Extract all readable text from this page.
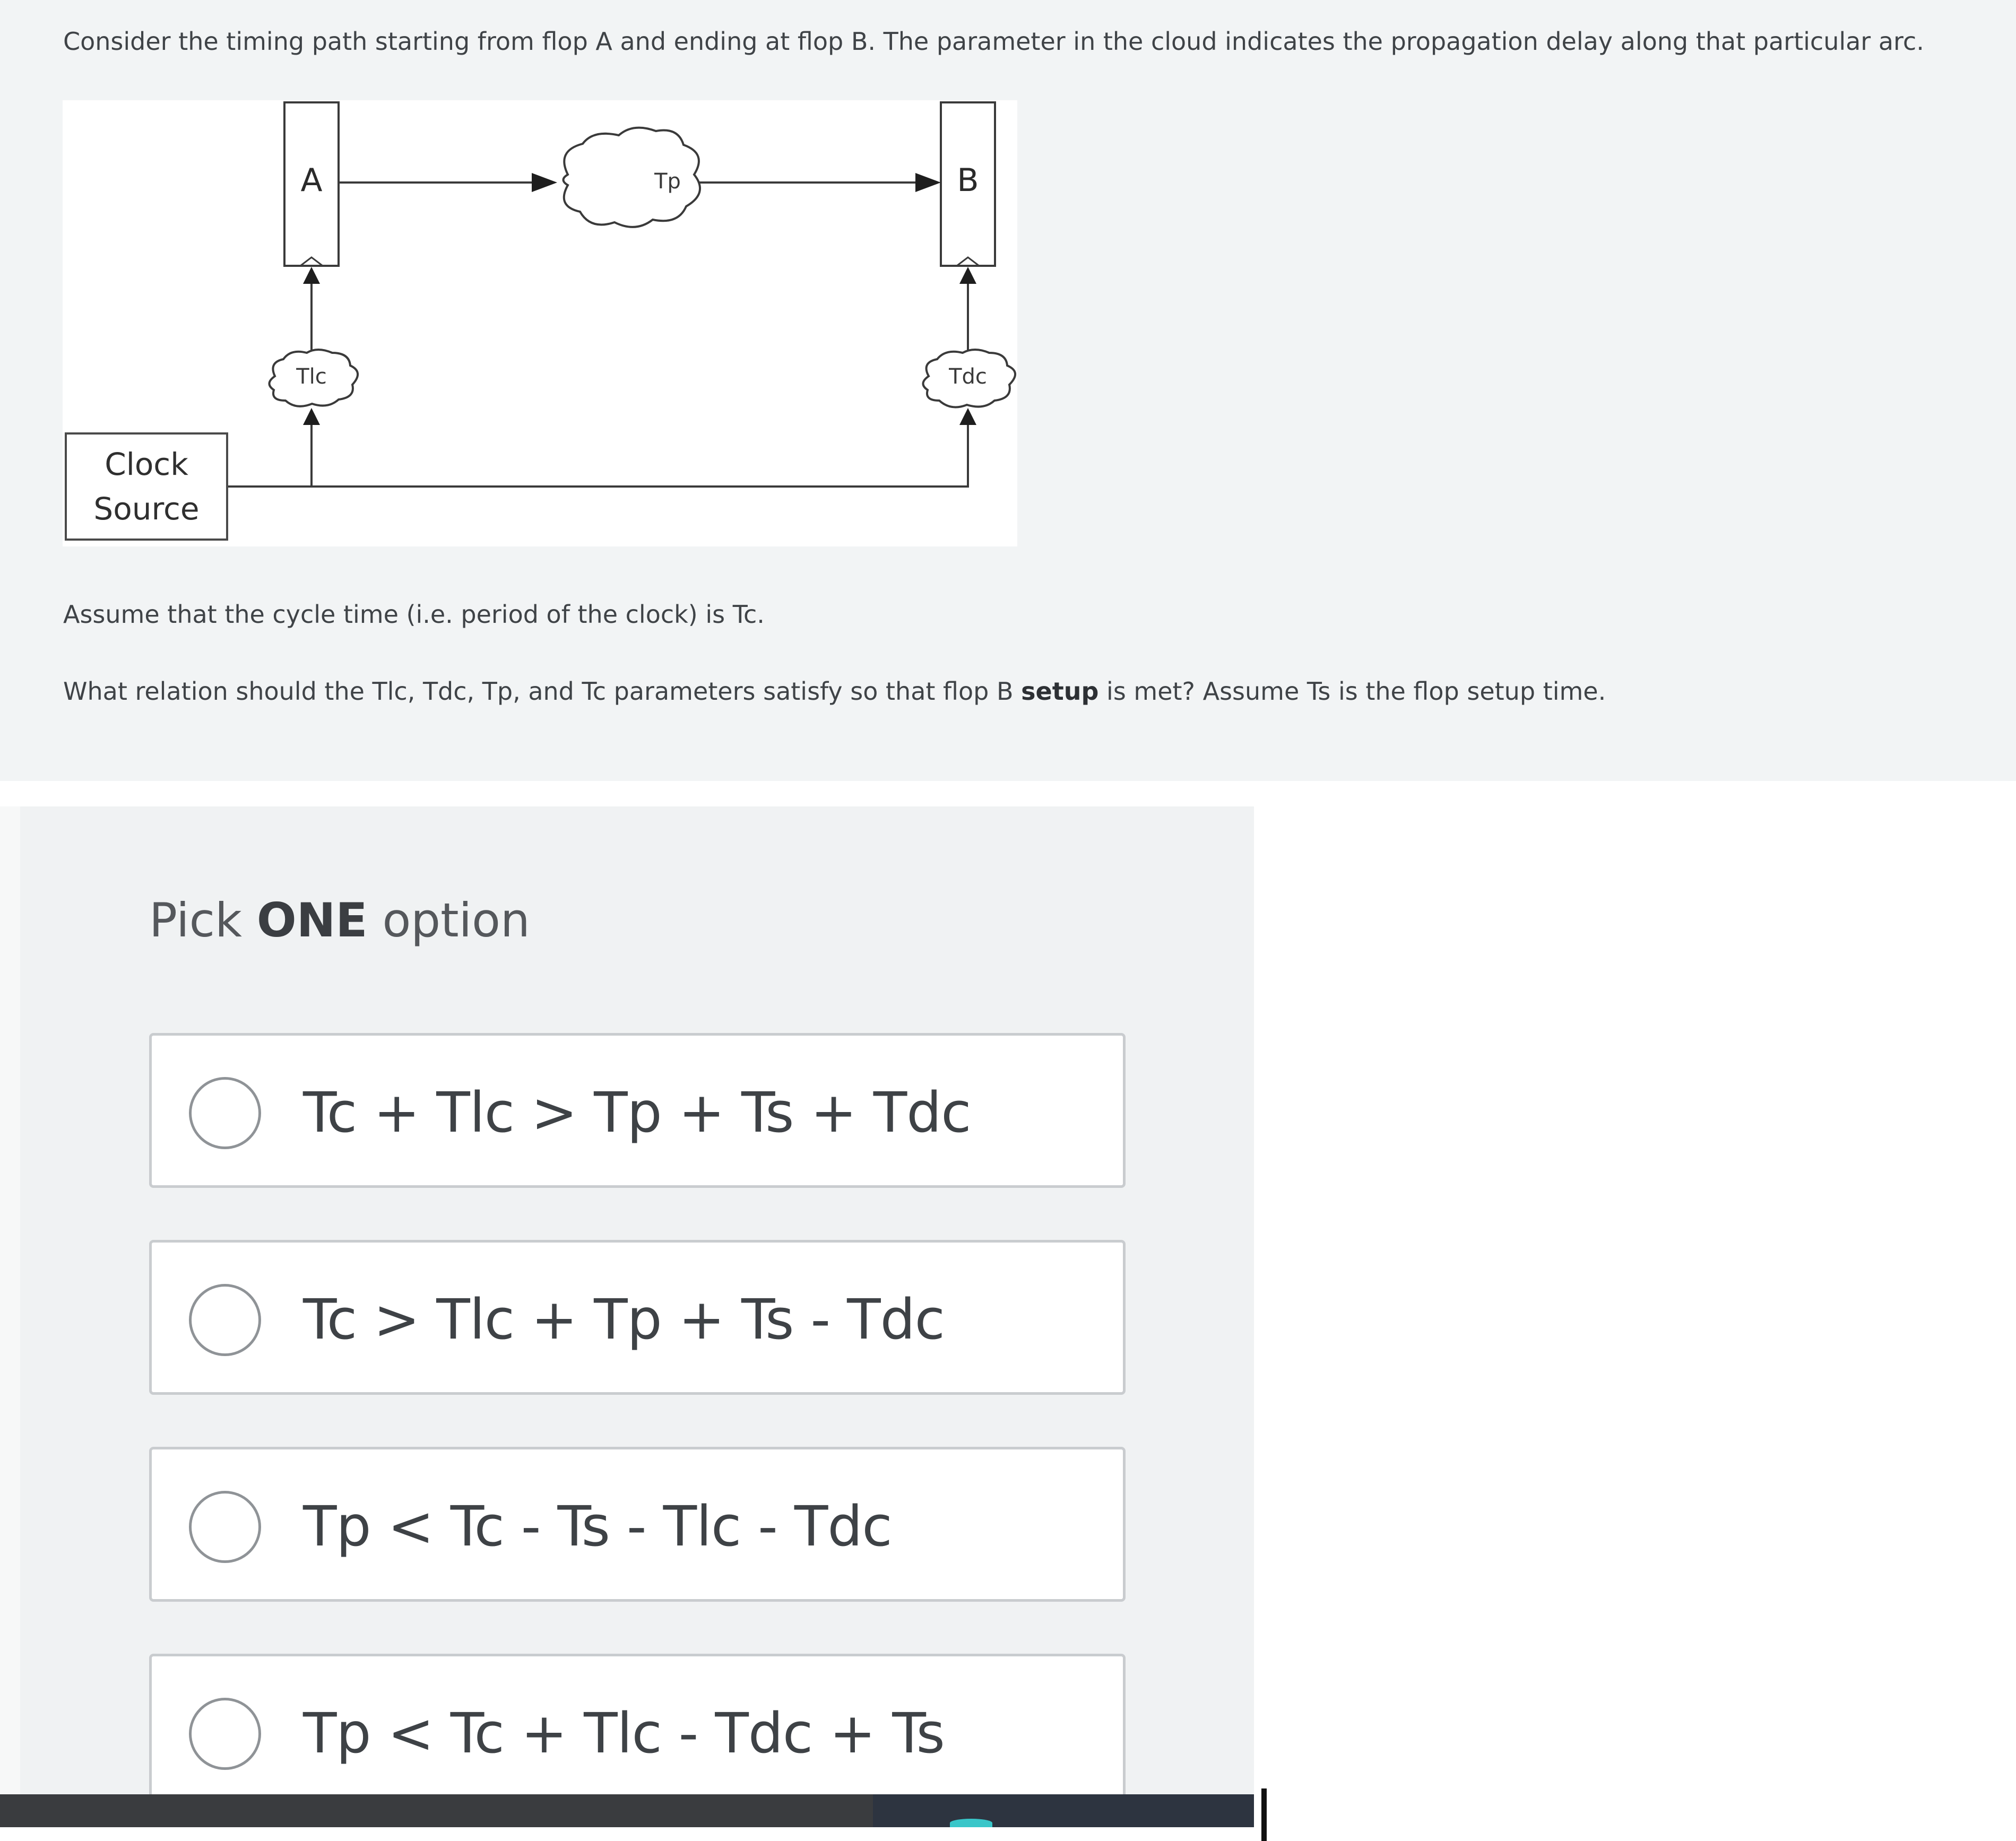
Consider the timing path starting from flop A and ending at flop B. The parameter in the cloud indicates the propagation delay along that particular arc.

A	B
Tp
Tlc	Tdc
Clock
Source

Assume that the cycle time (i.e. period of the clock) is Tc.

What relation should the Tlc, Tdc, Tp, and Tc parameters satisfy so that flop B setup is met? Assume Ts is the flop setup time.

Pick ONE option
Tc + Tlc > Tp + Ts + Tdc
Tc > Tlc + Tp + Ts - Tdc
Tp < Tc - Ts - Tlc - Tdc
Tp < Tc + Tlc - Tdc + Ts
